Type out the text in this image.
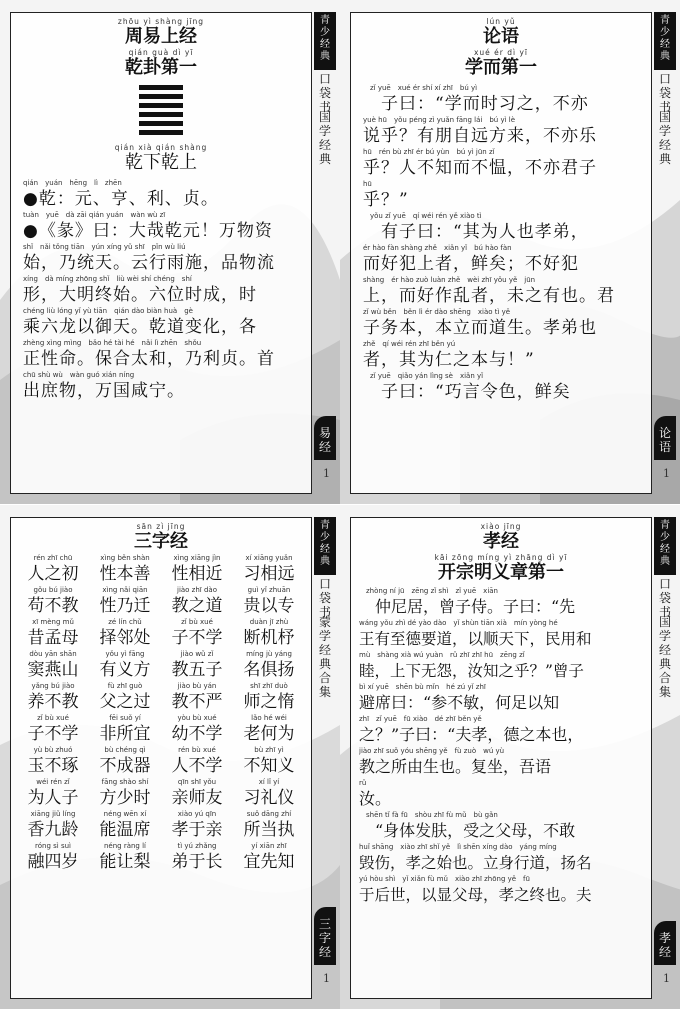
zhōu yì shàng jīng
周易上经
qián guà dì yī
乾卦第一
qián xià qián shàng
乾下乾上
qián　yuán　hēng　lì　zhēn
●乾：元、亨、利、贞。
tuàn　yuē　dà zāi qián yuán　wàn wù zī
●《彖》曰：大哉乾元！万物资
shǐ　nǎi tǒng tiān　yún xíng yǔ shī　pǐn wù liú
始，乃统天。云行雨施，品物流
xíng　dà míng zhōng shǐ　liù wèi shí chéng　shí
形，大明终始。六位时成，时
chéng liù lóng yǐ yù tiān　qián dào biàn huà　gè
乘六龙以御天。乾道变化，各
zhèng xìng mìng　bǎo hé tài hé　nǎi lì zhēn　shǒu
正性命。保合太和，乃利贞。首
chū shù wù　wàn guó xián níng
出庶物，万国咸宁。
青少经典
口袋书
国学经典
易经
1
lún yǔ
论语
xué ér dì yī
学而第一
　zǐ yuē　xué ér shí xí zhī　bú yì
　子曰：“学而时习之，不亦
yuè hū　yǒu péng zì yuǎn fāng lái　bú yì lè
说乎？有朋自远方来，不亦乐
hū　rén bù zhī ér bú yùn　bú yì jūn zǐ
乎？人不知而不愠，不亦君子
hū
乎？”
　yǒu zǐ yuē　qí wéi rén yě xiào tì
　有子曰：“其为人也孝弟，
ér hào fàn shàng zhě　xiǎn yǐ　bú hào fàn
而好犯上者，鲜矣；不好犯
shàng　ér hào zuò luàn zhě　wèi zhī yǒu yě　jūn
上，而好作乱者，未之有也。君
zǐ wù běn　běn lì ér dào shēng　xiào tì yě
子务本，本立而道生。孝弟也
zhě　qí wéi rén zhī běn yú
者，其为仁之本与！”
　zǐ yuē　qiǎo yán lìng sè　xiǎn yǐ
　子曰：“巧言令色，鲜矣
青少经典
口袋书
国学经典
论语
1
sān zì jīng
三字经
rén zhī chū
人之初
xìng běn shàn
性本善
xìng xiāng jìn
性相近
xí xiāng yuǎn
习相远
gǒu bú jiào
苟不教
xìng nǎi qiān
性乃迁
jiào zhī dào
教之道
guì yǐ zhuān
贵以专
xī mèng mǔ
昔孟母
zé lín chǔ
择邻处
zǐ bù xué
子不学
duàn jī zhù
断机杼
dòu yān shān
窦燕山
yǒu yì fāng
有义方
jiào wǔ zǐ
教五子
míng jù yáng
名俱扬
yǎng bú jiào
养不教
fù zhī guò
父之过
jiào bù yán
教不严
shī zhī duò
师之惰
zǐ bù xué
子不学
fēi suǒ yí
非所宜
yòu bù xué
幼不学
lǎo hé wéi
老何为
yù bù zhuó
玉不琢
bù chéng qì
不成器
rén bù xué
人不学
bù zhī yì
不知义
wéi rén zǐ
为人子
fāng shào shí
方少时
qīn shī yǒu
亲师友
xí lǐ yí
习礼仪
xiāng jiǔ líng
香九龄
néng wēn xí
能温席
xiào yú qīn
孝于亲
suǒ dāng zhí
所当执
róng sì suì
融四岁
néng ràng lí
能让梨
tì yú zhǎng
弟于长
yí xiān zhī
宜先知
青少经典
口袋书
蒙学经典合集
三字经
1
xiào jīng
孝经
kāi zōng míng yì zhāng dì yī
开宗明义章第一
　zhòng ní jū　zēng zǐ shì　zǐ yuē　xiān
　仲尼居，曾子侍。子曰：“先
wáng yǒu zhì dé yào dào　yǐ shùn tiān xià　mín yòng hé
王有至德要道，以顺天下，民用和
mù　shàng xià wú yuàn　rǔ zhī zhī hū　zēng zǐ
睦，上下无怨，汝知之乎？”曾子
bì xí yuē　shēn bù mǐn　hé zú yǐ zhī
避席曰：“参不敏，何足以知
zhī　zǐ yuē　fū xiào　dé zhī běn yě
之？”子曰：“夫孝，德之本也，
jiào zhī suǒ yóu shēng yě　fù zuò　wú yù
教之所由生也。复坐，吾语
rǔ
汝。
　shēn tǐ fà fū　shòu zhī fù mǔ　bù gǎn
　“身体发肤，受之父母，不敢
huǐ shāng　xiào zhī shǐ yě　lì shēn xíng dào　yáng míng
毁伤，孝之始也。立身行道，扬名
yú hòu shì　yǐ xiǎn fù mǔ　xiào zhī zhōng yě　fū
于后世，以显父母，孝之终也。夫
青少经典
口袋书
国学经典合集
孝经
1
